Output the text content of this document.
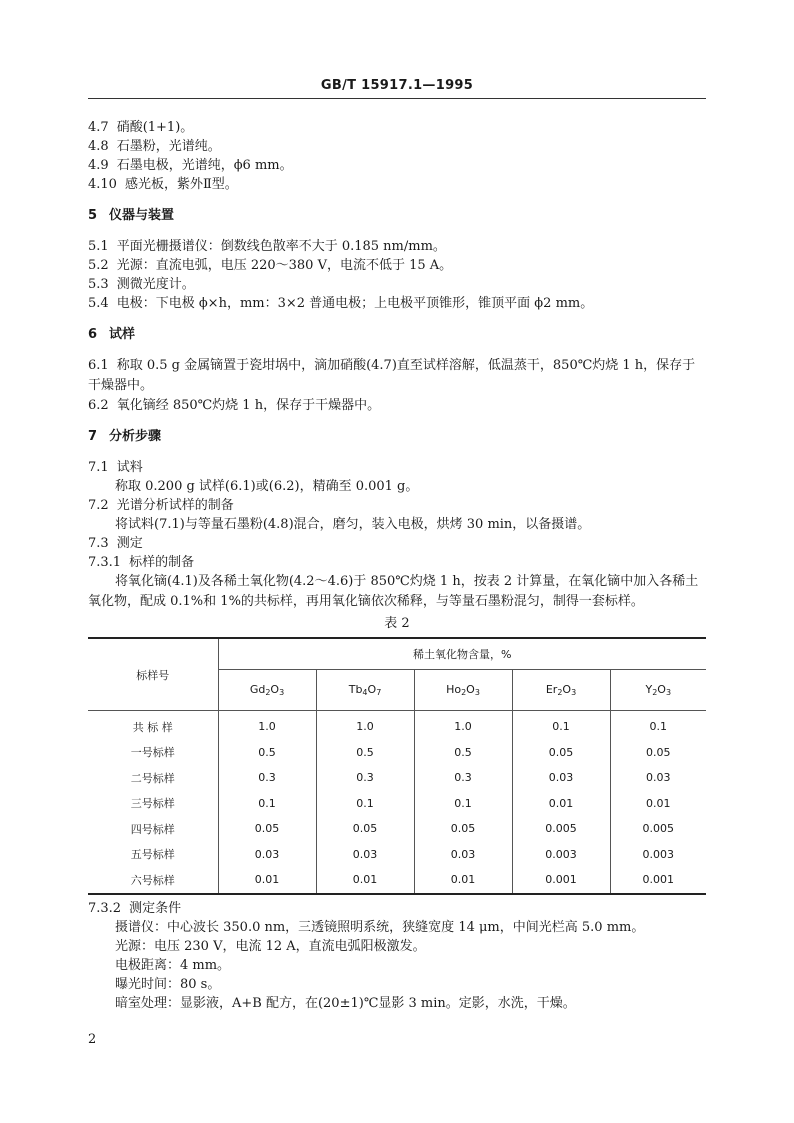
GB/T 15917.1—1995
4.7 硝酸(1+1)。
4.8 石墨粉，光谱纯。
4.9 石墨电极，光谱纯，ϕ6 mm。
4.10 感光板，紫外Ⅱ型。
5 仪器与装置
5.1 平面光栅摄谱仪：倒数线色散率不大于 0.185 nm/mm。
5.2 光源：直流电弧，电压 220～380 V，电流不低于 15 A。
5.3 测微光度计。
5.4 电极：下电极 ϕ×h，mm：3×2 普通电极；上电极平顶锥形，锥顶平面 ϕ2 mm。
6 试样
6.1 称取 0.5 g 金属镝置于瓷坩埚中，滴加硝酸(4.7)直至试样溶解，低温蒸干，850℃灼烧 1 h，保存于干燥器中。
6.2 氧化镝经 850℃灼烧 1 h，保存于干燥器中。
7 分析步骤
7.1 试料
称取 0.200 g 试样(6.1)或(6.2)，精确至 0.001 g。
7.2 光谱分析试样的制备
将试料(7.1)与等量石墨粉(4.8)混合，磨匀，装入电极，烘烤 30 min，以备摄谱。
7.3 测定
7.3.1 标样的制备
将氧化镝(4.1)及各稀土氧化物(4.2～4.6)于 850℃灼烧 1 h，按表 2 计算量，在氧化镝中加入各稀土氧化物，配成 0.1%和 1%的共标样，再用氧化镝依次稀释，与等量石墨粉混匀，制得一套标样。
表 2
标样号	稀土氧化物含量，%				
	$Gd_2O_3$	$Tb_4O_7$	$Ho_2O_3$	$Er_2O_3$	$Y_2O_3$
共 标 样	1.0	1.0	1.0	0.1	0.1
一号标样	0.5	0.5	0.5	0.05	0.05
二号标样	0.3	0.3	0.3	0.03	0.03
三号标样	0.1	0.1	0.1	0.01	0.01
四号标样	0.05	0.05	0.05	0.005	0.005
五号标样	0.03	0.03	0.03	0.003	0.003
六号标样	0.01	0.01	0.01	0.001	0.001
7.3.2 测定条件
摄谱仪：中心波长 350.0 nm，三透镜照明系统，狭缝宽度 14 μm，中间光栏高 5.0 mm。
光源：电压 230 V，电流 12 A，直流电弧阳极激发。
电极距离：4 mm。
曝光时间：80 s。
暗室处理：显影液，A+B 配方，在(20±1)℃显影 3 min。定影，水洗，干燥。
2
